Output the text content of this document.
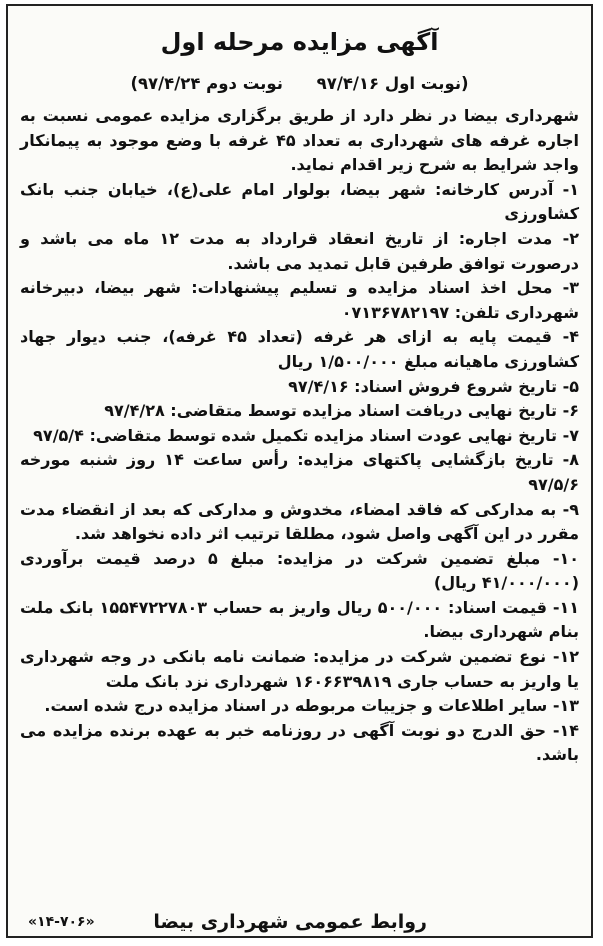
آگهی مزایده مرحله اول
(نوبت اول ۹۷/۴/۱۶ نوبت دوم ۹۷/۴/۲۴)

شهرداری بیضا در نظر دارد از طریق برگزاری مزایده عمومی نسبت به اجاره غرفه های شهرداری به تعداد ۴۵ غرفه با وضع موجود به پیمانکار واجد شرایط به شرح زیر اقدام نماید.

۱- آدرس کارخانه: شهر بیضا، بولوار امام علی(ع)، خیابان جنب بانک کشاورزی

۲- مدت اجاره: از تاریخ انعقاد قرارداد به مدت ۱۲ ماه می باشد و درصورت توافق طرفین قابل تمدید می باشد.

۳- محل اخذ اسناد مزایده و تسلیم پیشنهادات: شهر بیضا، دبیرخانه شهرداری تلفن: ۰۷۱۳۶۷۸۲۱۹۷

۴- قیمت پایه به ازای هر غرفه (تعداد ۴۵ غرفه)، جنب دیوار جهاد کشاورزی ماهیانه مبلغ ۱/۵۰۰/۰۰۰ ریال

۵- تاریخ شروع فروش اسناد: ۹۷/۴/۱۶

۶- تاریخ نهایی دریافت اسناد مزایده توسط متقاضی: ۹۷/۴/۲۸

۷- تاریخ نهایی عودت اسناد مزایده تکمیل شده توسط متقاضی: ۹۷/۵/۴

۸- تاریخ بازگشایی پاکتهای مزایده: رأس ساعت ۱۴ روز شنبه مورخه ۹۷/۵/۶

۹- به مدارکی که فاقد امضاء، مخدوش و مدارکی که بعد از انقضاء مدت مقرر در این آگهی واصل شود، مطلقا ترتیب اثر داده نخواهد شد.

۱۰- مبلغ تضمین شرکت در مزایده: مبلغ ۵ درصد قیمت برآوردی (۴۱/۰۰۰/۰۰۰ ریال)

۱۱- قیمت اسناد: ۵۰۰/۰۰۰ ریال واریز به حساب ۱۵۵۴۷۲۲۷۸۰۳ بانک ملت بنام شهرداری بیضا.

۱۲- نوع تضمین شرکت در مزایده: ضمانت نامه بانکی در وجه شهرداری یا واریز به حساب جاری ۱۶۰۶۶۳۹۸۱۹ شهرداری نزد بانک ملت

۱۳- سایر اطلاعات و جزییات مربوطه در اسناد مزایده درج شده است.

۱۴- حق الدرج دو نوبت آگهی در روزنامه خبر به عهده برنده مزایده می باشد.

روابط عمومی شهرداری بیضا
«۱۴-۷۰۶»
